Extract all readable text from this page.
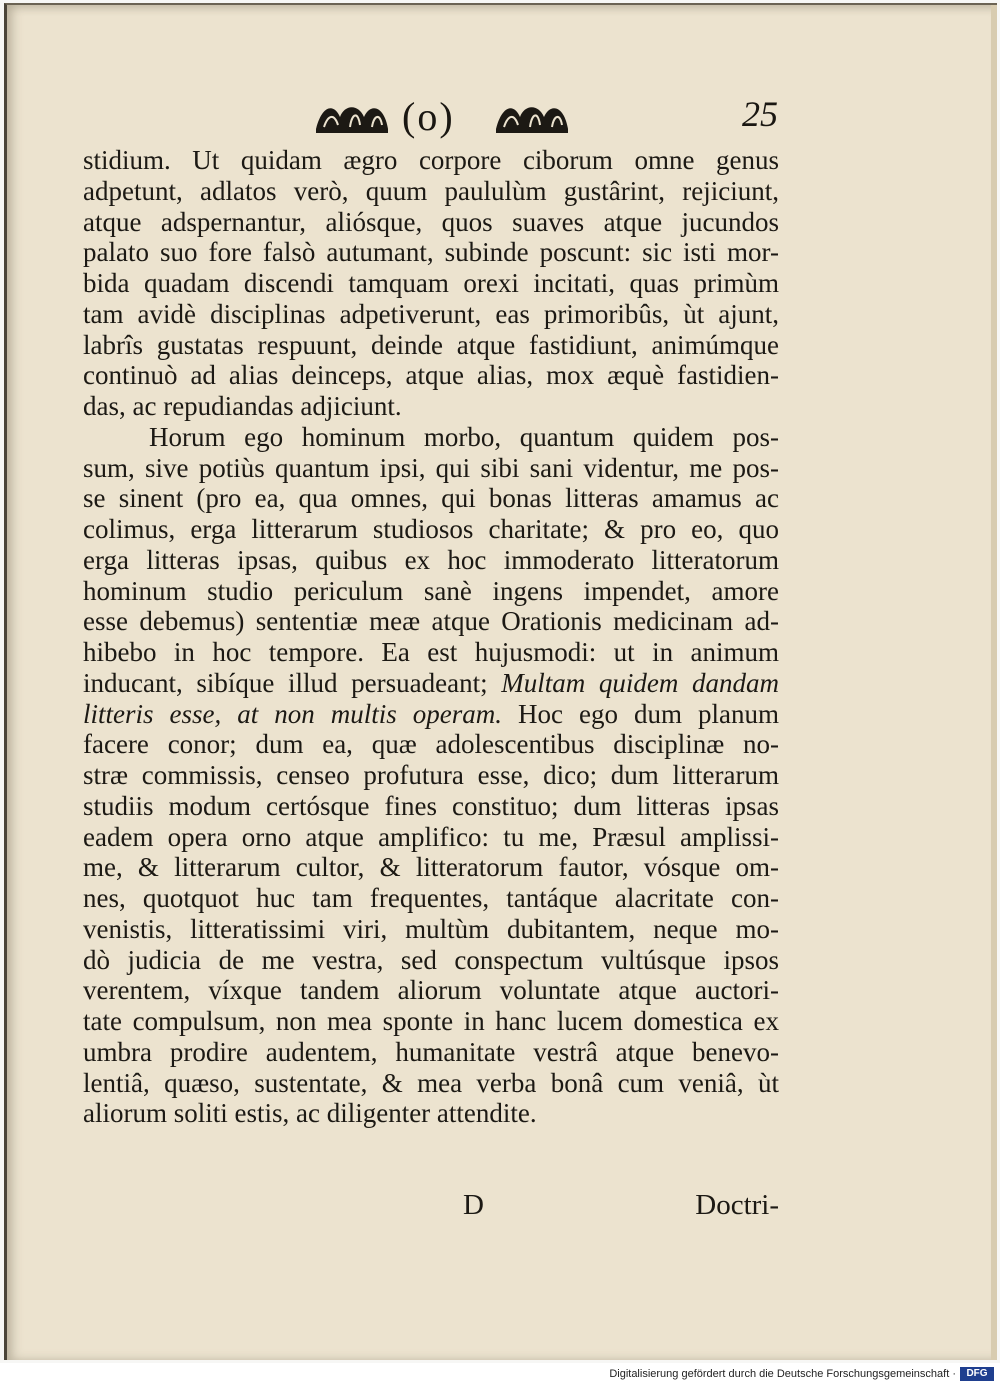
(o)	25
stidium. Ut quidam ægro corpore ciborum omne genus
adpetunt, adlatos verò, quum paululùm gustârint, rejiciunt,
atque adspernantur, aliósque, quos suaves atque jucundos
palato suo fore falsò autumant, subinde poscunt: sic isti mor-
bida quadam discendi tamquam orexi incitati, quas primùm
tam avidè disciplinas adpetiverunt, eas primoribûs, ùt ajunt,
labrîs gustatas respuunt, deinde atque fastidiunt, animúmque
continuò ad alias deinceps, atque alias, mox æquè fastidien-
das, ac repudiandas adjiciunt.
Horum ego hominum morbo, quantum quidem pos-
sum, sive potiùs quantum ipsi, qui sibi sani videntur, me pos-
se sinent (pro ea, qua omnes, qui bonas litteras amamus ac
colimus, erga litterarum studiosos charitate; & pro eo, quo
erga litteras ipsas, quibus ex hoc immoderato litteratorum
hominum studio periculum sanè ingens impendet, amore
esse debemus) sententiæ meæ atque Orationis medicinam ad-
hibebo in hoc tempore. Ea est hujusmodi: ut in animum
inducant, sibíque illud persuadeant; Multam quidem dandam
litteris esse, at non multis operam. Hoc ego dum planum
facere conor; dum ea, quæ adolescentibus disciplinæ no-
stræ commissis, censeo profutura esse, dico; dum litterarum
studiis modum certósque fines constituo; dum litteras ipsas
eadem opera orno atque amplifico: tu me, Præsul amplissi-
me, & litterarum cultor, & litteratorum fautor, vósque om-
nes, quotquot huc tam frequentes, tantáque alacritate con-
venistis, litteratissimi viri, multùm dubitantem, neque mo-
dò judicia de me vestra, sed conspectum vultúsque ipsos
verentem, víxque tandem aliorum voluntate atque auctori-
tate compulsum, non mea sponte in hanc lucem domestica ex
umbra prodire audentem, humanitate vestrâ atque benevo-
lentiâ, quæso, sustentate, & mea verba bonâ cum veniâ, ùt
aliorum soliti estis, ac diligenter attendite.
D	Doctri-
Digitalisierung gefördert durch die Deutsche Forschungsgemeinschaft ·	DFG
